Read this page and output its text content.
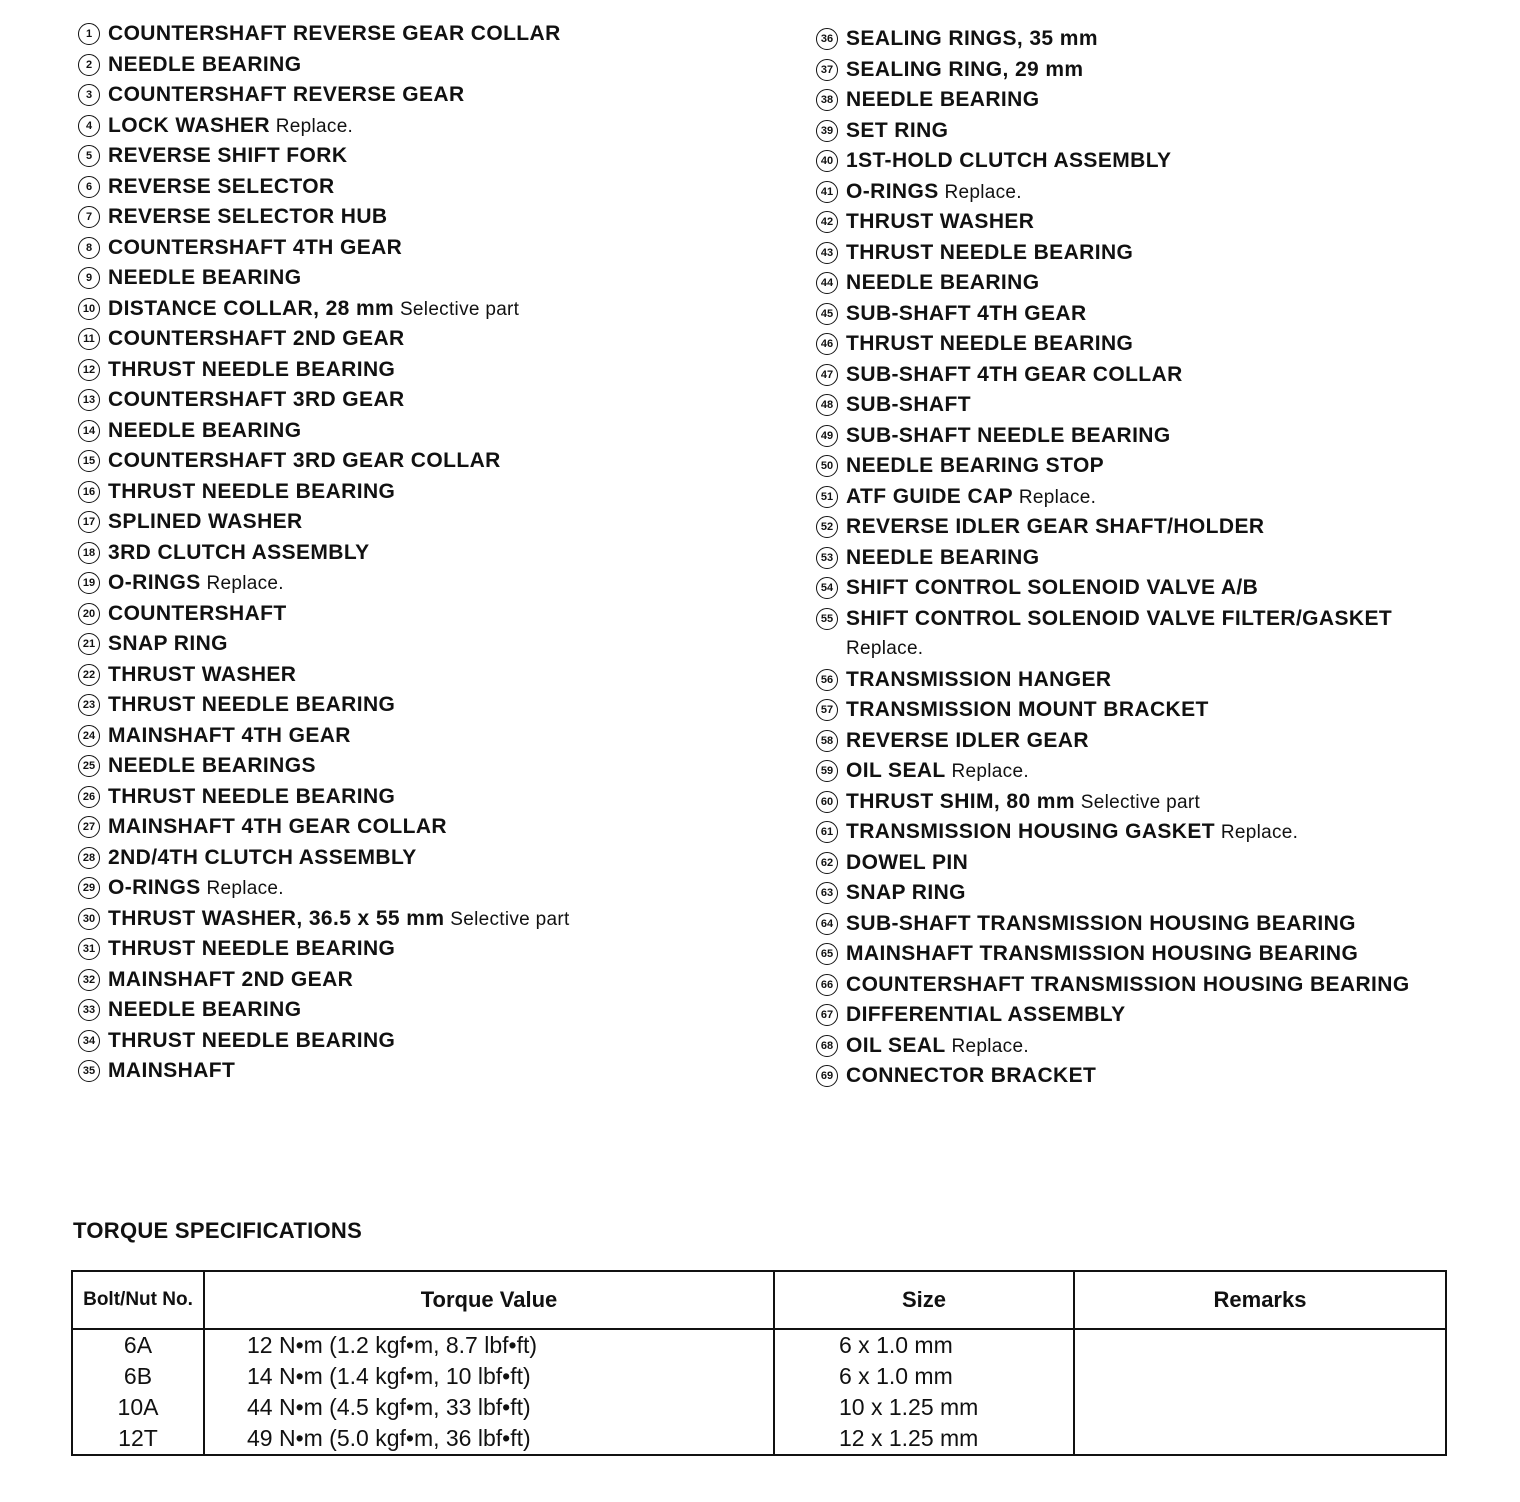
1 COUNTERSHAFT REVERSE GEAR COLLAR
2 NEEDLE BEARING
3 COUNTERSHAFT REVERSE GEAR
4 LOCK WASHER Replace.
5 REVERSE SHIFT FORK
6 REVERSE SELECTOR
7 REVERSE SELECTOR HUB
8 COUNTERSHAFT 4TH GEAR
9 NEEDLE BEARING
10 DISTANCE COLLAR, 28 mm Selective part
11 COUNTERSHAFT 2ND GEAR
12 THRUST NEEDLE BEARING
13 COUNTERSHAFT 3RD GEAR
14 NEEDLE BEARING
15 COUNTERSHAFT 3RD GEAR COLLAR
16 THRUST NEEDLE BEARING
17 SPLINED WASHER
18 3RD CLUTCH ASSEMBLY
19 O-RINGS Replace.
20 COUNTERSHAFT
21 SNAP RING
22 THRUST WASHER
23 THRUST NEEDLE BEARING
24 MAINSHAFT 4TH GEAR
25 NEEDLE BEARINGS
26 THRUST NEEDLE BEARING
27 MAINSHAFT 4TH GEAR COLLAR
28 2ND/4TH CLUTCH ASSEMBLY
29 O-RINGS Replace.
30 THRUST WASHER, 36.5 x 55 mm Selective part
31 THRUST NEEDLE BEARING
32 MAINSHAFT 2ND GEAR
33 NEEDLE BEARING
34 THRUST NEEDLE BEARING
35 MAINSHAFT
36 SEALING RINGS, 35 mm
37 SEALING RING, 29 mm
38 NEEDLE BEARING
39 SET RING
40 1ST-HOLD CLUTCH ASSEMBLY
41 O-RINGS Replace.
42 THRUST WASHER
43 THRUST NEEDLE BEARING
44 NEEDLE BEARING
45 SUB-SHAFT 4TH GEAR
46 THRUST NEEDLE BEARING
47 SUB-SHAFT 4TH GEAR COLLAR
48 SUB-SHAFT
49 SUB-SHAFT NEEDLE BEARING
50 NEEDLE BEARING STOP
51 ATF GUIDE CAP Replace.
52 REVERSE IDLER GEAR SHAFT/HOLDER
53 NEEDLE BEARING
54 SHIFT CONTROL SOLENOID VALVE A/B
55 SHIFT CONTROL SOLENOID VALVE FILTER/GASKET
Replace.
56 TRANSMISSION HANGER
57 TRANSMISSION MOUNT BRACKET
58 REVERSE IDLER GEAR
59 OIL SEAL Replace.
60 THRUST SHIM, 80 mm Selective part
61 TRANSMISSION HOUSING GASKET Replace.
62 DOWEL PIN
63 SNAP RING
64 SUB-SHAFT TRANSMISSION HOUSING BEARING
65 MAINSHAFT TRANSMISSION HOUSING BEARING
66 COUNTERSHAFT TRANSMISSION HOUSING BEARING
67 DIFFERENTIAL ASSEMBLY
68 OIL SEAL Replace.
69 CONNECTOR BRACKET
TORQUE SPECIFICATIONS
Bolt/Nut No.	Torque Value	Size	Remarks
6A	12 N•m (1.2 kgf•m, 8.7 lbf•ft)	6 x 1.0 mm	
6B	14 N•m (1.4 kgf•m, 10 lbf•ft)	6 x 1.0 mm	
10A	44 N•m (4.5 kgf•m, 33 lbf•ft)	10 x 1.25 mm	
12T	49 N•m (5.0 kgf•m, 36 lbf•ft)	12 x 1.25 mm	
